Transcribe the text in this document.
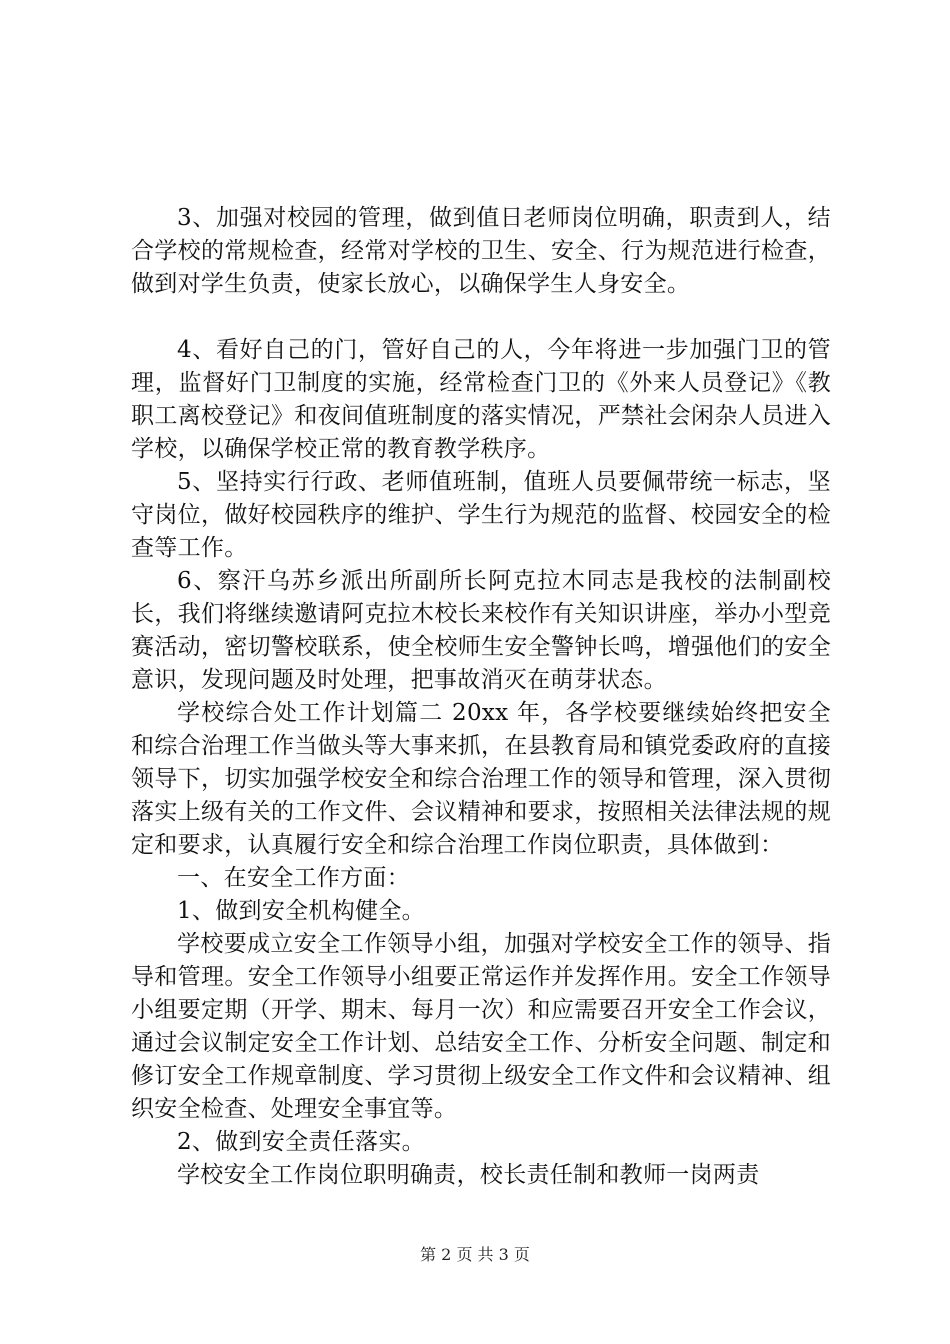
3、加强对校园的管理，做到值日老师岗位明确，职责到人，结合学校的常规检查，经常对学校的卫生、安全、行为规范进行检查，做到对学生负责，使家长放心，以确保学生人身安全。

4、看好自己的门，管好自己的人，今年将进一步加强门卫的管理，监督好门卫制度的实施，经常检查门卫的《外来人员登记》《教职工离校登记》和夜间值班制度的落实情况，严禁社会闲杂人员进入学校，以确保学校正常的教育教学秩序。

5、坚持实行行政、老师值班制，值班人员要佩带统一标志，坚守岗位，做好校园秩序的维护、学生行为规范的监督、校园安全的检查等工作。

6、察汗乌苏乡派出所副所长阿克拉木同志是我校的法制副校长，我们将继续邀请阿克拉木校长来校作有关知识讲座，举办小型竞赛活动，密切警校联系，使全校师生安全警钟长鸣，增强他们的安全意识，发现问题及时处理，把事故消灭在萌芽状态。

学校综合处工作计划篇二 20xx 年，各学校要继续始终把安全和综合治理工作当做头等大事来抓，在县教育局和镇党委政府的直接领导下，切实加强学校安全和综合治理工作的领导和管理，深入贯彻落实上级有关的工作文件、会议精神和要求，按照相关法律法规的规定和要求，认真履行安全和综合治理工作岗位职责，具体做到：

一、在安全工作方面：

1、做到安全机构健全。

学校要成立安全工作领导小组，加强对学校安全工作的领导、指导和管理。安全工作领导小组要正常运作并发挥作用。安全工作领导小组要定期（开学、期末、每月一次）和应需要召开安全工作会议，通过会议制定安全工作计划、总结安全工作、分析安全问题、制定和修订安全工作规章制度、学习贯彻上级安全工作文件和会议精神、组织安全检查、处理安全事宜等。

2、做到安全责任落实。

学校安全工作岗位职明确责，校长责任制和教师一岗两责

第 2 页 共 3 页
